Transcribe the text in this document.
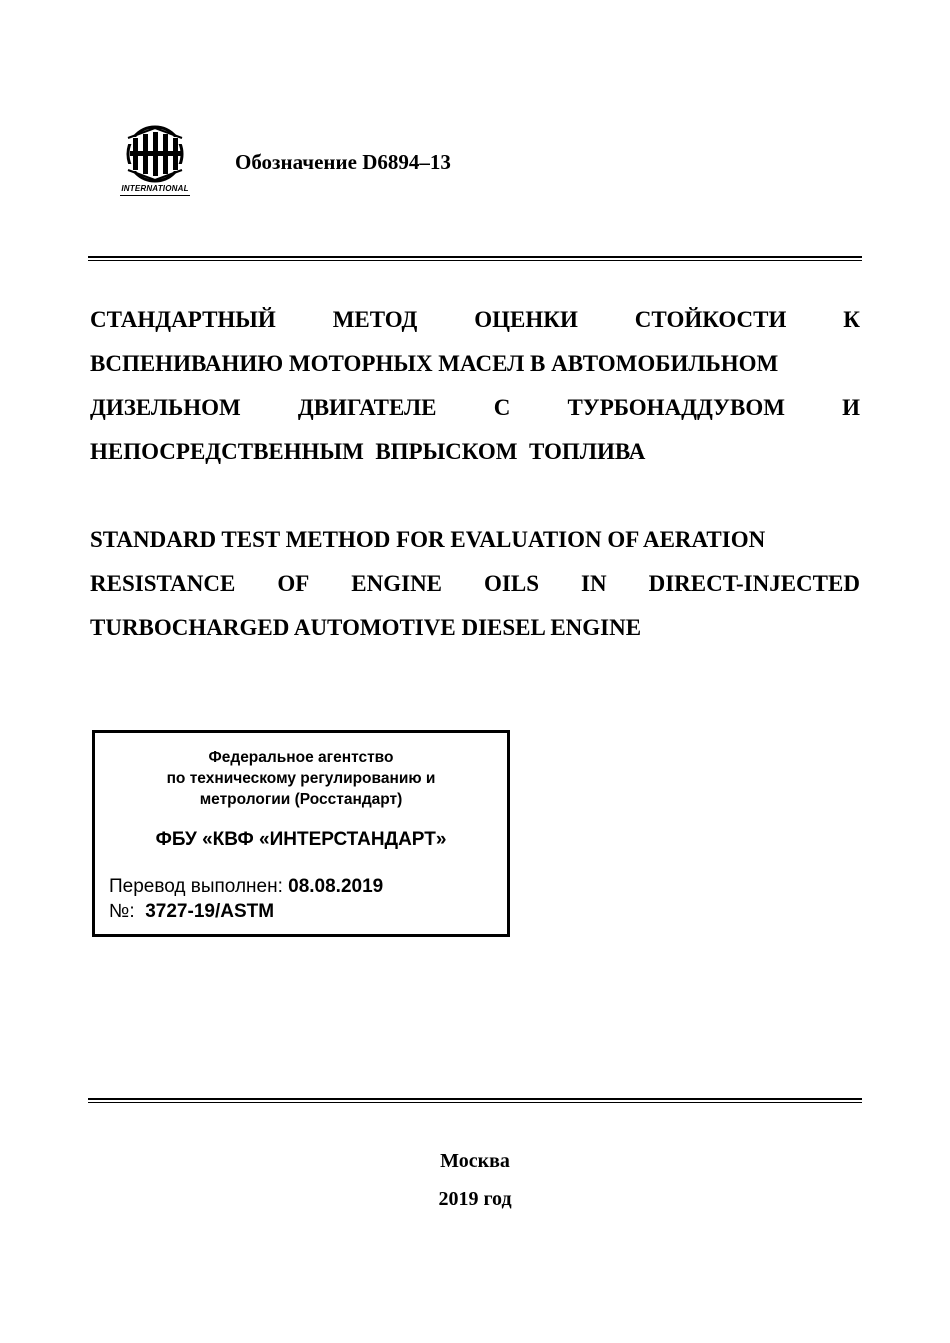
INTERNATIONAL
Обозначение D6894–13
СТАНДАРТНЫЙ МЕТОД ОЦЕНКИ СТОЙКОСТИ К
ВСПЕНИВАНИЮ МОТОРНЫХ МАСЕЛ В АВТОМОБИЛЬНОМ
ДИЗЕЛЬНОМ ДВИГАТЕЛЕ С ТУРБОНАДДУВОМ И
НЕПОСРЕДСТВЕННЫМ  ВПРЫСКОМ  ТОПЛИВА
STANDARD TEST METHOD FOR EVALUATION OF AERATION
RESISTANCE OF ENGINE OILS IN DIRECT-INJECTED
TURBOCHARGED AUTOMOTIVE DIESEL ENGINE
Федеральное агентство
по техническому регулированию и
метрологии (Росстандарт)
ФБУ «КВФ «ИНТЕРСТАНДАРТ»
Перевод выполнен: 08.08.2019
№:  3727-19/ASTM
Москва
2019 год
